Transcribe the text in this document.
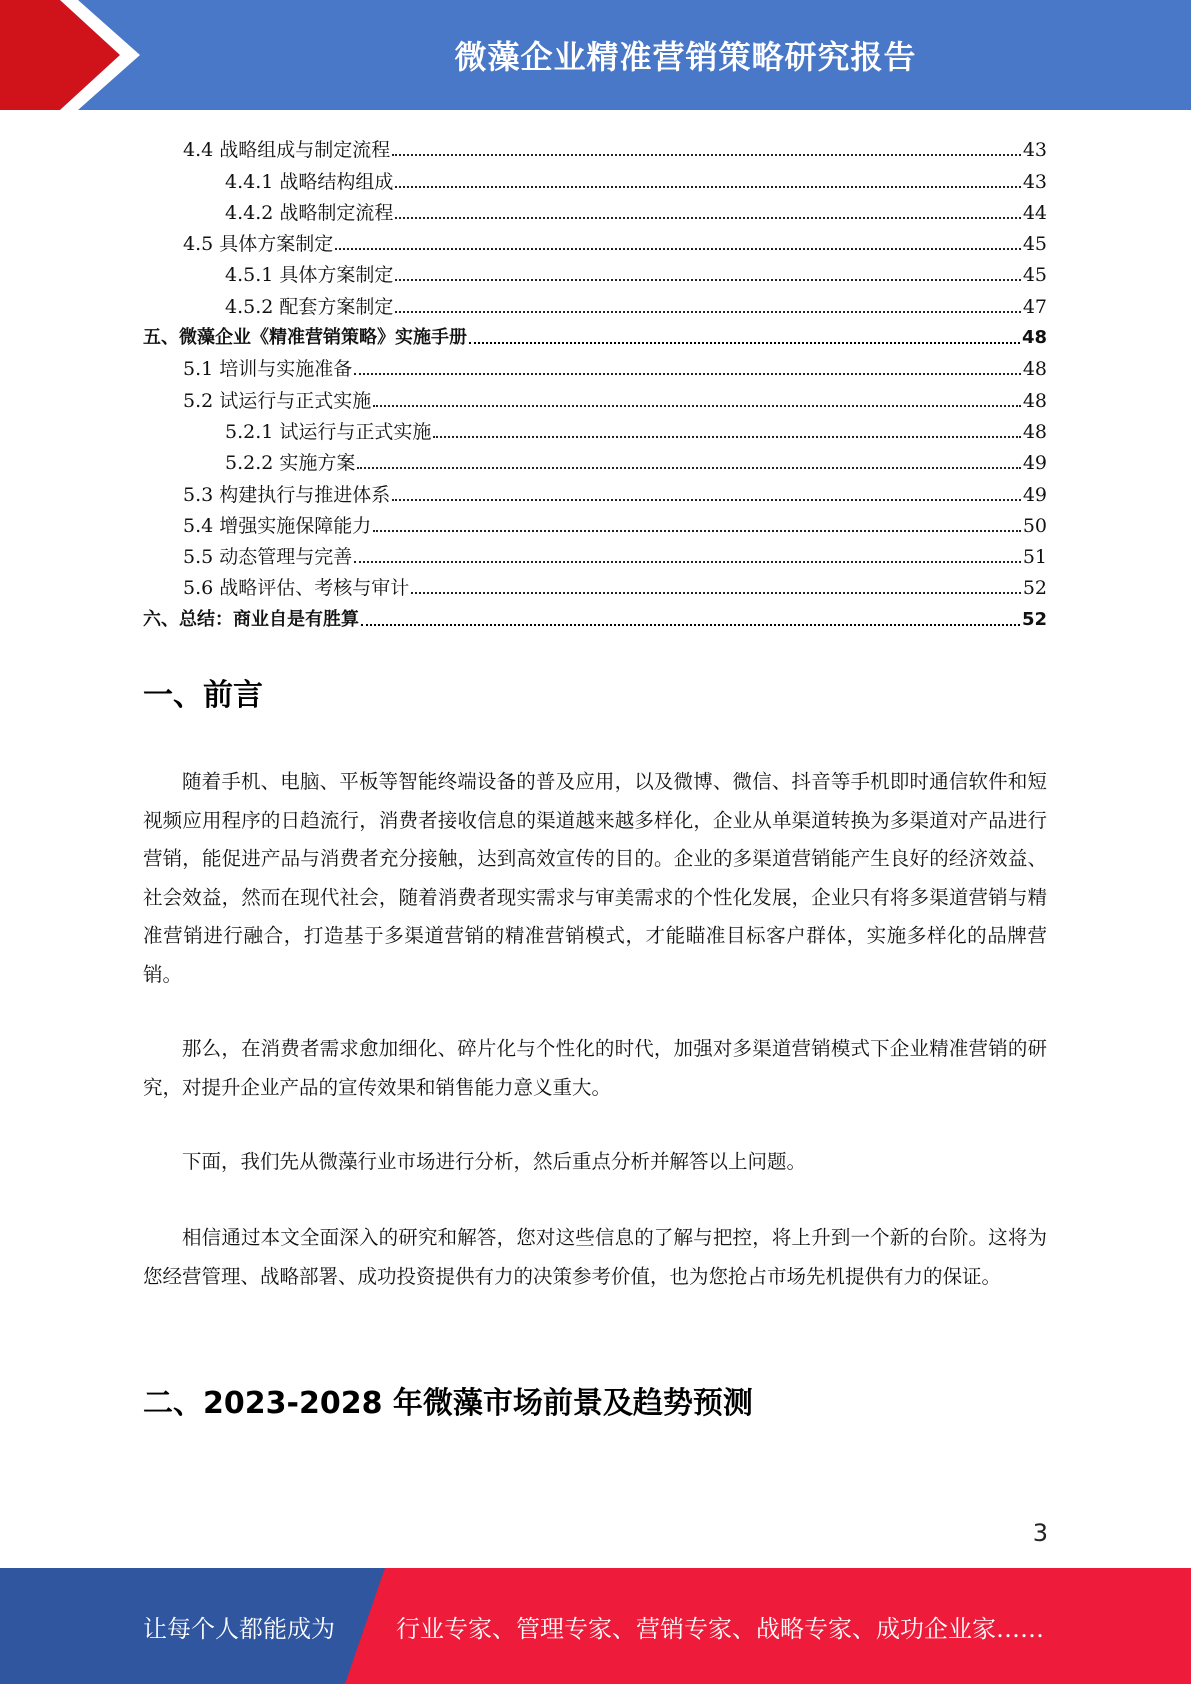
微藻企业精准营销策略研究报告
4.4 战略组成与制定流程	43
4.4.1 战略结构组成	43
4.4.2 战略制定流程	44
4.5 具体方案制定	45
4.5.1 具体方案制定	45
4.5.2 配套方案制定	47
五、微藻企业《精准营销策略》实施手册	48
5.1 培训与实施准备	48
5.2 试运行与正式实施	48
5.2.1 试运行与正式实施	48
5.2.2 实施方案	49
5.3 构建执行与推进体系	49
5.4 增强实施保障能力	50
5.5 动态管理与完善	51
5.6 战略评估、考核与审计	52
六、总结：商业自是有胜算	52
一、前言
随着手机、电脑、平板等智能终端设备的普及应用，以及微博、微信、抖音等手机即时通信软件和短视频应用程序的日趋流行，消费者接收信息的渠道越来越多样化，企业从单渠道转换为多渠道对产品进行营销，能促进产品与消费者充分接触，达到高效宣传的目的。企业的多渠道营销能产生良好的经济效益、社会效益，然而在现代社会，随着消费者现实需求与审美需求的个性化发展，企业只有将多渠道营销与精准营销进行融合，打造基于多渠道营销的精准营销模式，才能瞄准目标客户群体，实施多样化的品牌营销。
那么，在消费者需求愈加细化、碎片化与个性化的时代，加强对多渠道营销模式下企业精准营销的研究，对提升企业产品的宣传效果和销售能力意义重大。
下面，我们先从微藻行业市场进行分析，然后重点分析并解答以上问题。
相信通过本文全面深入的研究和解答，您对这些信息的了解与把控，将上升到一个新的台阶。这将为您经营管理、战略部署、成功投资提供有力的决策参考价值，也为您抢占市场先机提供有力的保证。
二、2023-2028 年微藻市场前景及趋势预测
3
让每个人都能成为	行业专家、管理专家、营销专家、战略专家、成功企业家……
